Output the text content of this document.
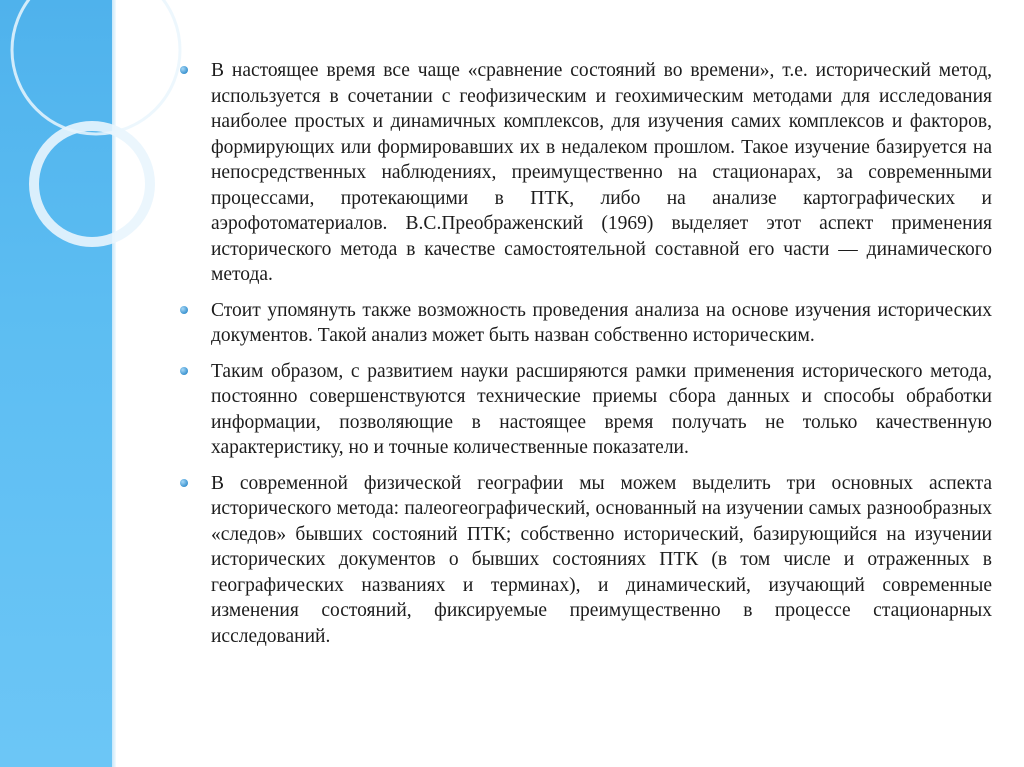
В настоящее время все чаще «сравнение состояний во времени», т.е. исторический метод, используется в сочетании с геофизическим и геохимическим методами для исследования наиболее простых и динамичных комплексов, для изучения самих комплексов и факторов, формирующих или формировавших их в недалеком прошлом. Такое изучение базируется на непосредственных наблюдениях, преимущественно на стационарах, за современными процессами, протекающими в ПТК, либо на анализе картографических и аэрофотоматериалов. В.С.Преображенский (1969) выделяет этот аспект применения исторического метода в качестве самостоятельной составной его части — динамического метода.
Стоит упомянуть также возможность проведения анализа на основе изучения исторических документов. Такой анализ может быть назван собственно историческим.
Таким образом, с развитием науки расширяются рамки применения исторического метода, постоянно совершенствуются технические приемы сбора данных и способы обработки информации, позволяющие в настоящее время получать не только качественную характеристику, но и точные количественные показатели.
В современной физической географии мы можем выделить три основных аспекта исторического метода: палеогеографический, основанный на изучении самых разнообразных «следов» бывших состояний ПТК; собственно исторический, базирующийся на изучении исторических документов о бывших состояниях ПТК (в том числе и отраженных в географических названиях и терминах), и динамический, изучающий современные изменения состояний, фиксируемые преимущественно в процессе стационарных исследований.
